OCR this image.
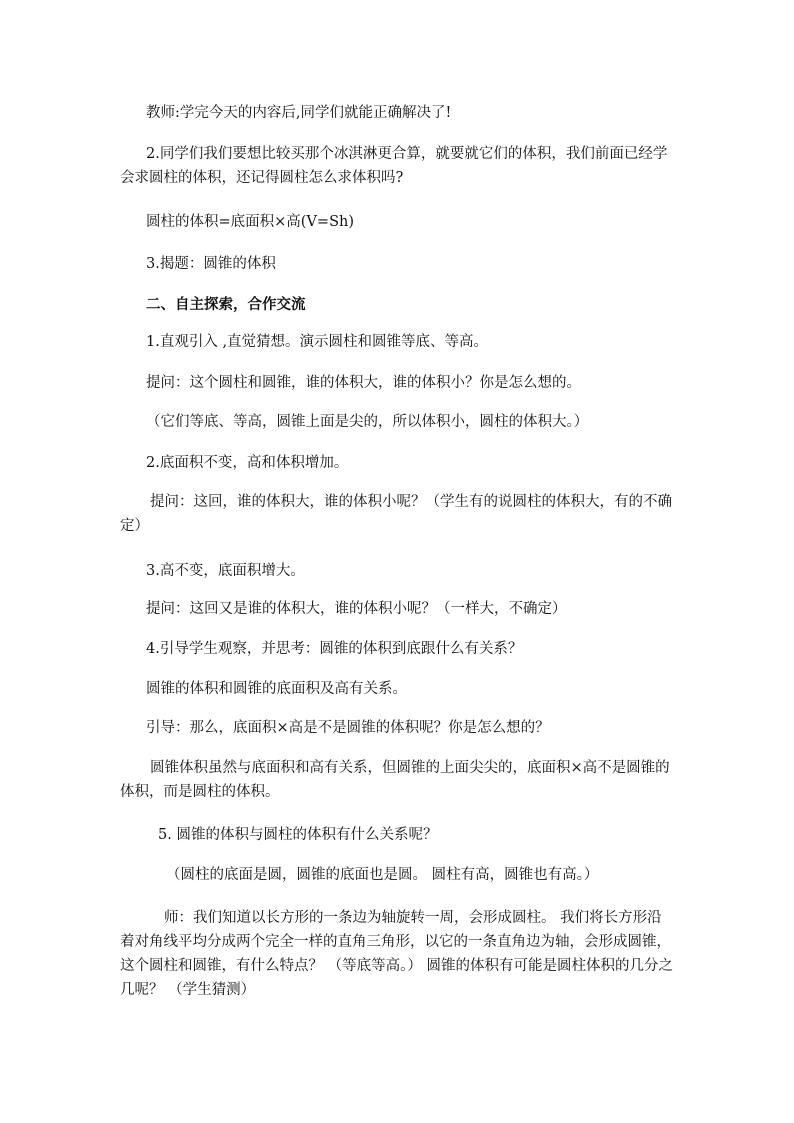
教师:学完今天的内容后,同学们就能正确解决了!

2.同学们我们要想比较买那个冰淇淋更合算，就要就它们的体积，我们前面已经学会求圆柱的体积，还记得圆柱怎么求体积吗?

圆柱的体积=底面积×高(V=Sh)

3.揭题：圆锥的体积

二、自主探索，合作交流

1.直观引入 ,直觉猜想。演示圆柱和圆锥等底、等高。

提问：这个圆柱和圆锥，谁的体积大，谁的体积小？你是怎么想的。

（它们等底、等高，圆锥上面是尖的，所以体积小，圆柱的体积大。）

2.底面积不变，高和体积增加。

提问：这回，谁的体积大，谁的体积小呢？（学生有的说圆柱的体积大，有的不确定）

3.高不变，底面积增大。

提问：这回又是谁的体积大，谁的体积小呢？（一样大，不确定）

4.引导学生观察，并思考：圆锥的体积到底跟什么有关系？

圆锥的体积和圆锥的底面积及高有关系。

引导：那么，底面积×高是不是圆锥的体积呢？你是怎么想的？

圆锥体积虽然与底面积和高有关系，但圆锥的上面尖尖的，底面积×高不是圆锥的体积，而是圆柱的体积。

5. 圆锥的体积与圆柱的体积有什么关系呢？

（圆柱的底面是圆，圆锥的底面也是圆。 圆柱有高，圆锥也有高。）

师：我们知道以长方形的一条边为轴旋转一周，会形成圆柱。 我们将长方形沿着对角线平均分成两个完全一样的直角三角形，以它的一条直角边为轴，会形成圆锥，这个圆柱和圆锥，有什么特点？ （等底等高。） 圆锥的体积有可能是圆柱体积的几分之几呢？ （学生猜测）
